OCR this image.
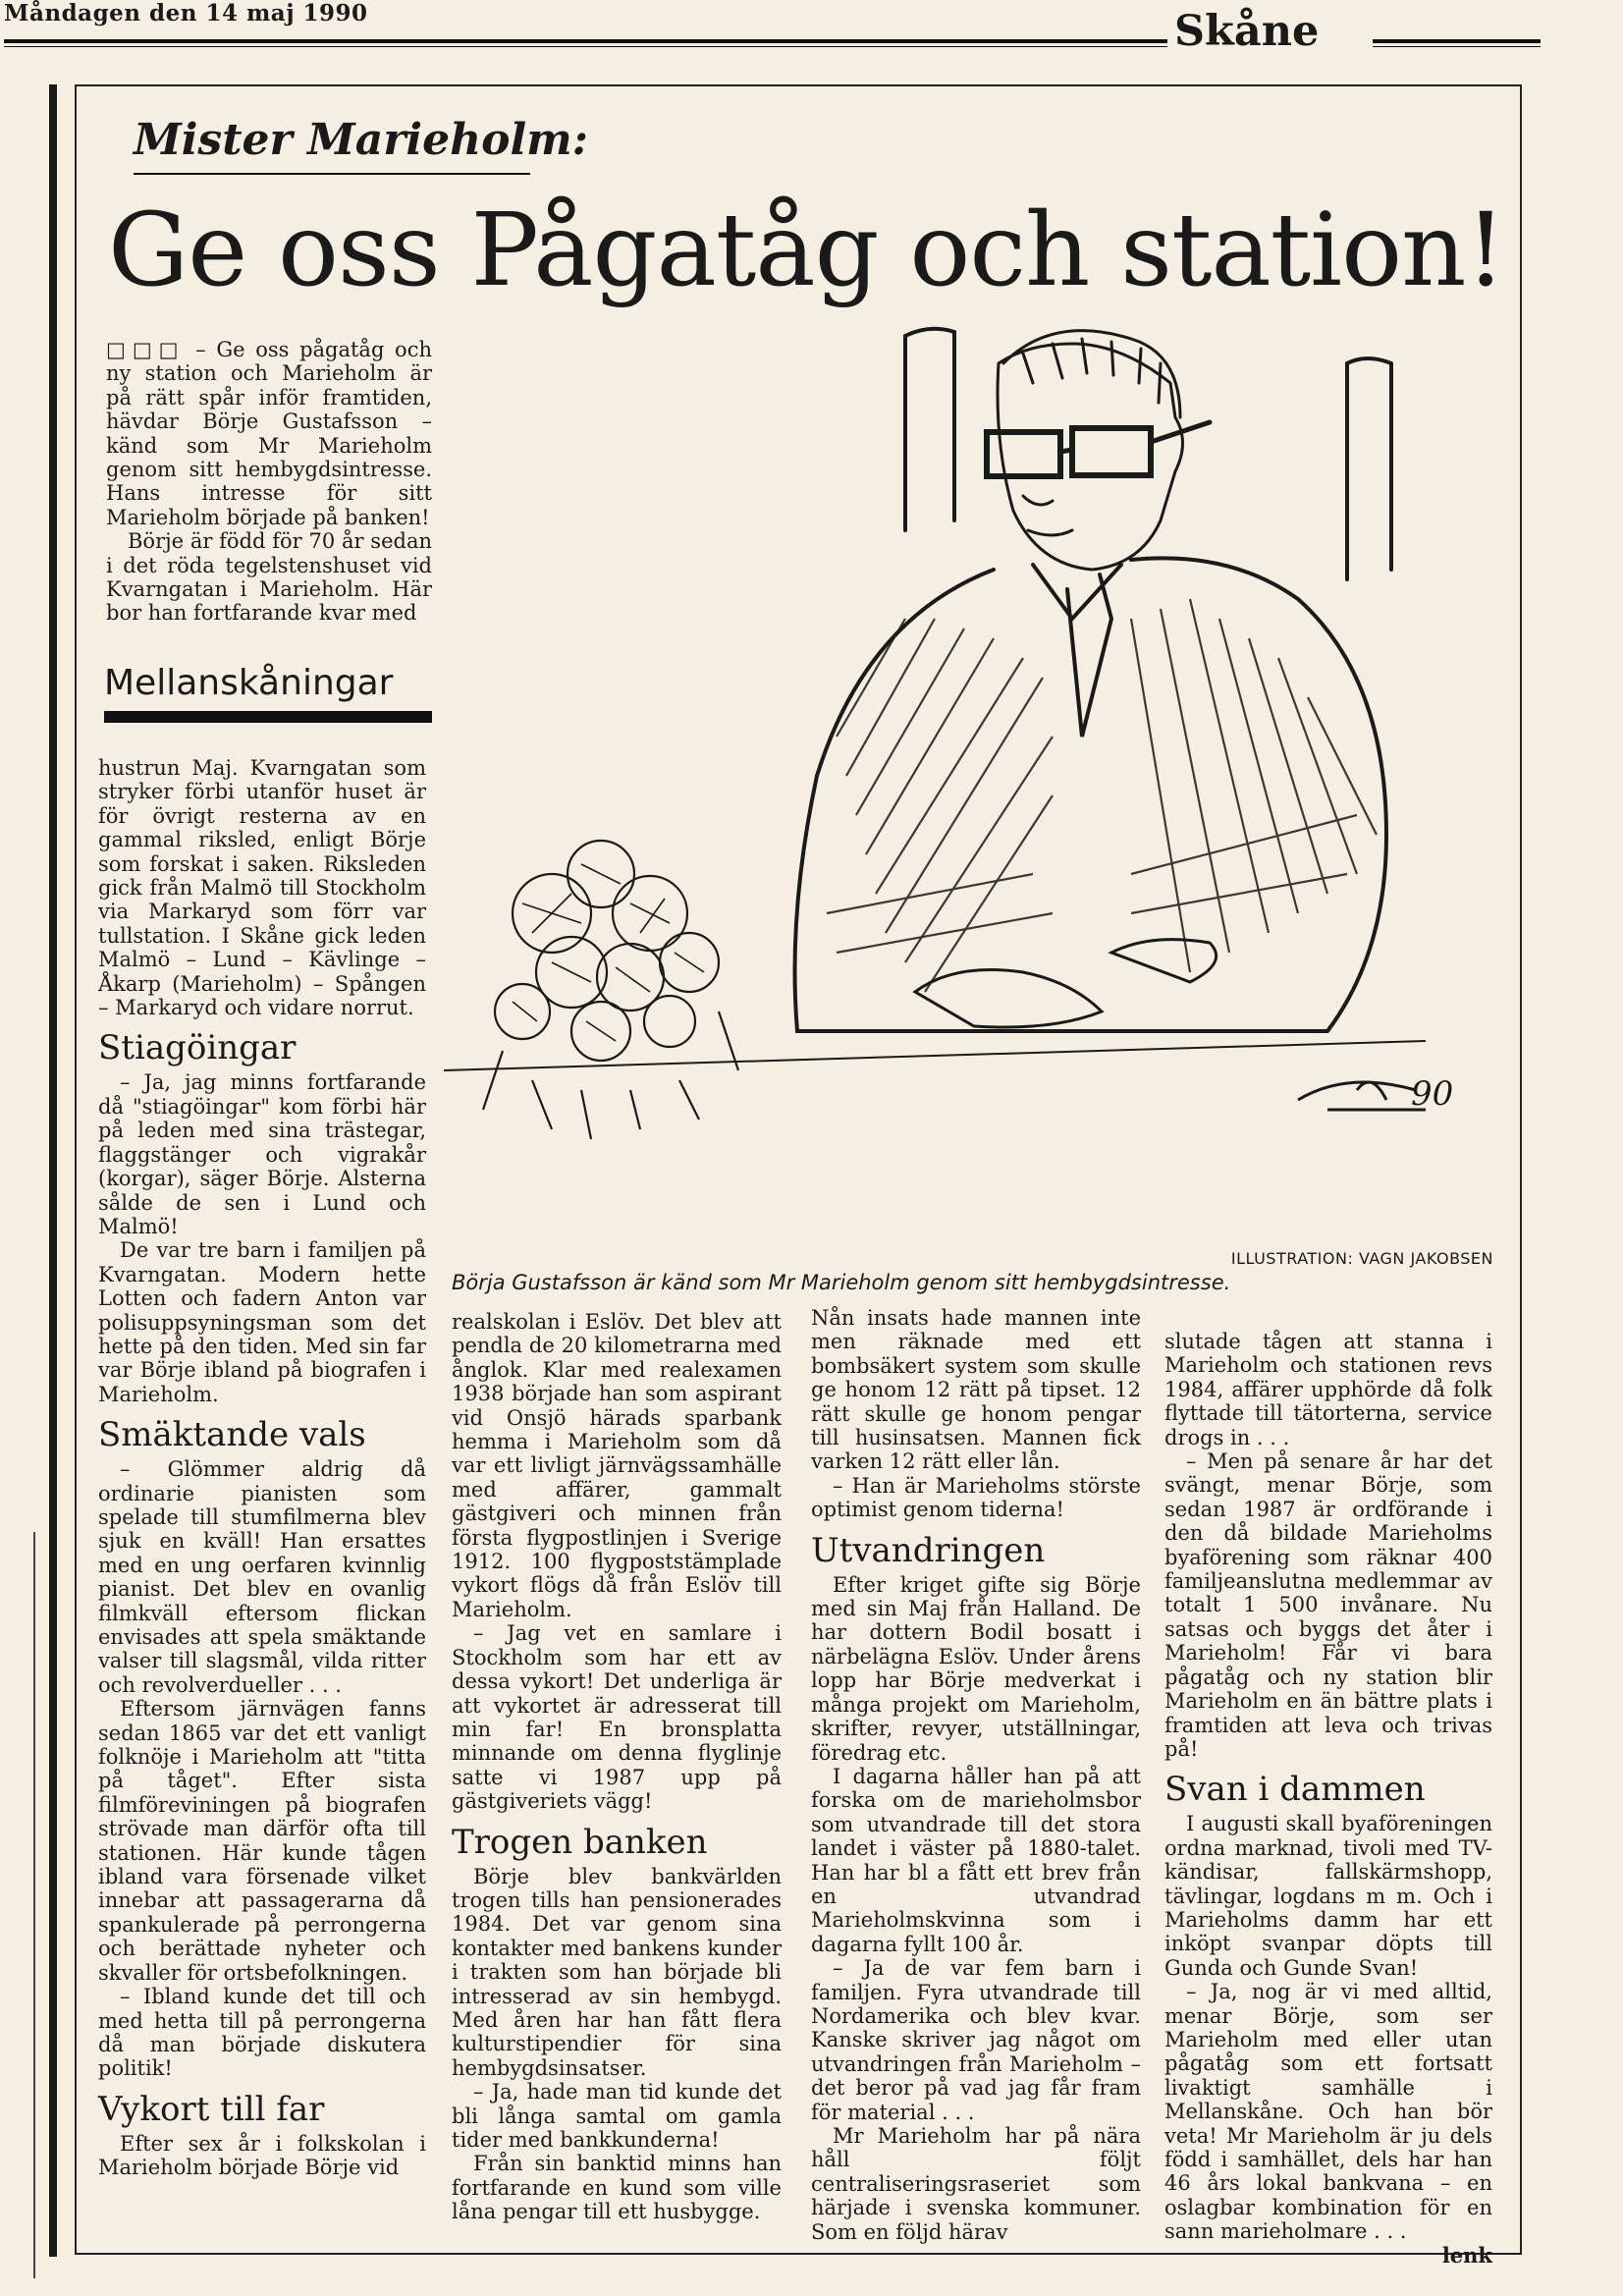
Måndagen den 14 maj 1990	Skåne
Mister Marieholm:
Ge oss Pågatåg och station!

□□□ – Ge oss pågatåg och ny station och Marieholm är på rätt spår inför framtiden, hävdar Börje Gustafsson – känd som Mr Marieholm genom sitt hembygdsintresse. Hans intresse för sitt Marieholm började på banken!

Börje är född för 70 år sedan i det röda tegelstenshuset vid Kvarngatan i Marieholm. Här bor han fortfarande kvar med

Mellanskåningar

hustrun Maj. Kvarngatan som stryker förbi utanför huset är för övrigt resterna av en gammal riksled, enligt Börje som forskat i saken. Riksleden gick från Malmö till Stockholm via Markaryd som förr var tullstation. I Skåne gick leden Malmö – Lund – Kävlinge – Åkarp (Marieholm) – Spången – Markaryd och vidare norrut.

Stiagöingar

– Ja, jag minns fortfarande då "stiagöingar" kom förbi här på leden med sina trästegar, flaggstänger och vigrakår (korgar), säger Börje. Alsterna sålde de sen i Lund och Malmö!

De var tre barn i familjen på Kvarngatan. Modern hette Lotten och fadern Anton var polisuppsyningsman som det hette på den tiden. Med sin far var Börje ibland på biografen i Marieholm.

Smäktande vals

– Glömmer aldrig då ordinarie pianisten som spelade till stumfilmerna blev sjuk en kväll! Han ersattes med en ung oerfaren kvinnlig pianist. Det blev en ovanlig filmkväll eftersom flickan envisades att spela smäktande valser till slagsmål, vilda ritter och revolverdueller . . .

Eftersom järnvägen fanns sedan 1865 var det ett vanligt folknöje i Marieholm att "titta på tåget". Efter sista filmföreviningen på biografen strövade man därför ofta till stationen. Här kunde tågen ibland vara försenade vilket innebar att passagerarna då spankulerade på perrongerna och berättade nyheter och skvaller för ortsbefolkningen.

– Ibland kunde det till och med hetta till på perrongerna då man började diskutera politik!

Vykort till far

Efter sex år i folkskolan i Marieholm började Börje vid

90
ILLUSTRATION: VAGN JAKOBSEN
Börja Gustafsson är känd som Mr Marieholm genom sitt hembygdsintresse.

realskolan i Eslöv. Det blev att pendla de 20 kilometrarna med ånglok. Klar med realexamen 1938 började han som aspirant vid Onsjö härads sparbank hemma i Marieholm som då var ett livligt järnvägssamhälle med affärer, gammalt gästgiveri och minnen från första flygpostlinjen i Sverige 1912. 100 flygpoststämplade vykort flögs då från Eslöv till Marieholm.

– Jag vet en samlare i Stockholm som har ett av dessa vykort! Det underliga är att vykortet är adresserat till min far! En bronsplatta minnande om denna flyglinje satte vi 1987 upp på gästgiveriets vägg!

Trogen banken

Börje blev bankvärlden trogen tills han pensionerades 1984. Det var genom sina kontakter med bankens kunder i trakten som han började bli intresserad av sin hembygd. Med åren har han fått flera kulturstipendier för sina hembygdsinsatser.

– Ja, hade man tid kunde det bli långa samtal om gamla tider med bankkunderna!

Från sin banktid minns han fortfarande en kund som ville låna pengar till ett husbygge.

Nån insats hade mannen inte men räknade med ett bombsäkert system som skulle ge honom 12 rätt på tipset. 12 rätt skulle ge honom pengar till husinsatsen. Mannen fick varken 12 rätt eller lån.

– Han är Marieholms störste optimist genom tiderna!

Utvandringen

Efter kriget gifte sig Börje med sin Maj från Halland. De har dottern Bodil bosatt i närbelägna Eslöv. Under årens lopp har Börje medverkat i många projekt om Marieholm, skrifter, revyer, utställningar, föredrag etc.

I dagarna håller han på att forska om de marieholmsbor som utvandrade till det stora landet i väster på 1880-talet. Han har bl a fått ett brev från en utvandrad Marieholmskvinna som i dagarna fyllt 100 år.

– Ja de var fem barn i familjen. Fyra utvandrade till Nordamerika och blev kvar. Kanske skriver jag något om utvandringen från Marieholm – det beror på vad jag får fram för material . . .

Mr Marieholm har på nära håll följt centraliseringsraseriet som härjade i svenska kommuner. Som en följd härav

slutade tågen att stanna i Marieholm och stationen revs 1984, affärer upphörde då folk flyttade till tätorterna, service drogs in . . .

– Men på senare år har det svängt, menar Börje, som sedan 1987 är ordförande i den då bildade Marieholms byaförening som räknar 400 familjeanslutna medlemmar av totalt 1 500 invånare. Nu satsas och byggs det åter i Marieholm! Får vi bara pågatåg och ny station blir Marieholm en än bättre plats i framtiden att leva och trivas på!

Svan i dammen

I augusti skall byaföreningen ordna marknad, tivoli med TV-kändisar, fallskärmshopp, tävlingar, logdans m m. Och i Marieholms damm har ett inköpt svanpar döpts till Gunda och Gunde Svan!

– Ja, nog är vi med alltid, menar Börje, som ser Marieholm med eller utan pågatåg som ett fortsatt livaktigt samhälle i Mellanskåne. Och han bör veta! Mr Marieholm är ju dels född i samhället, dels har han 46 års lokal bankvana – en oslagbar kombination för en sann marieholmare . . .

lenk
